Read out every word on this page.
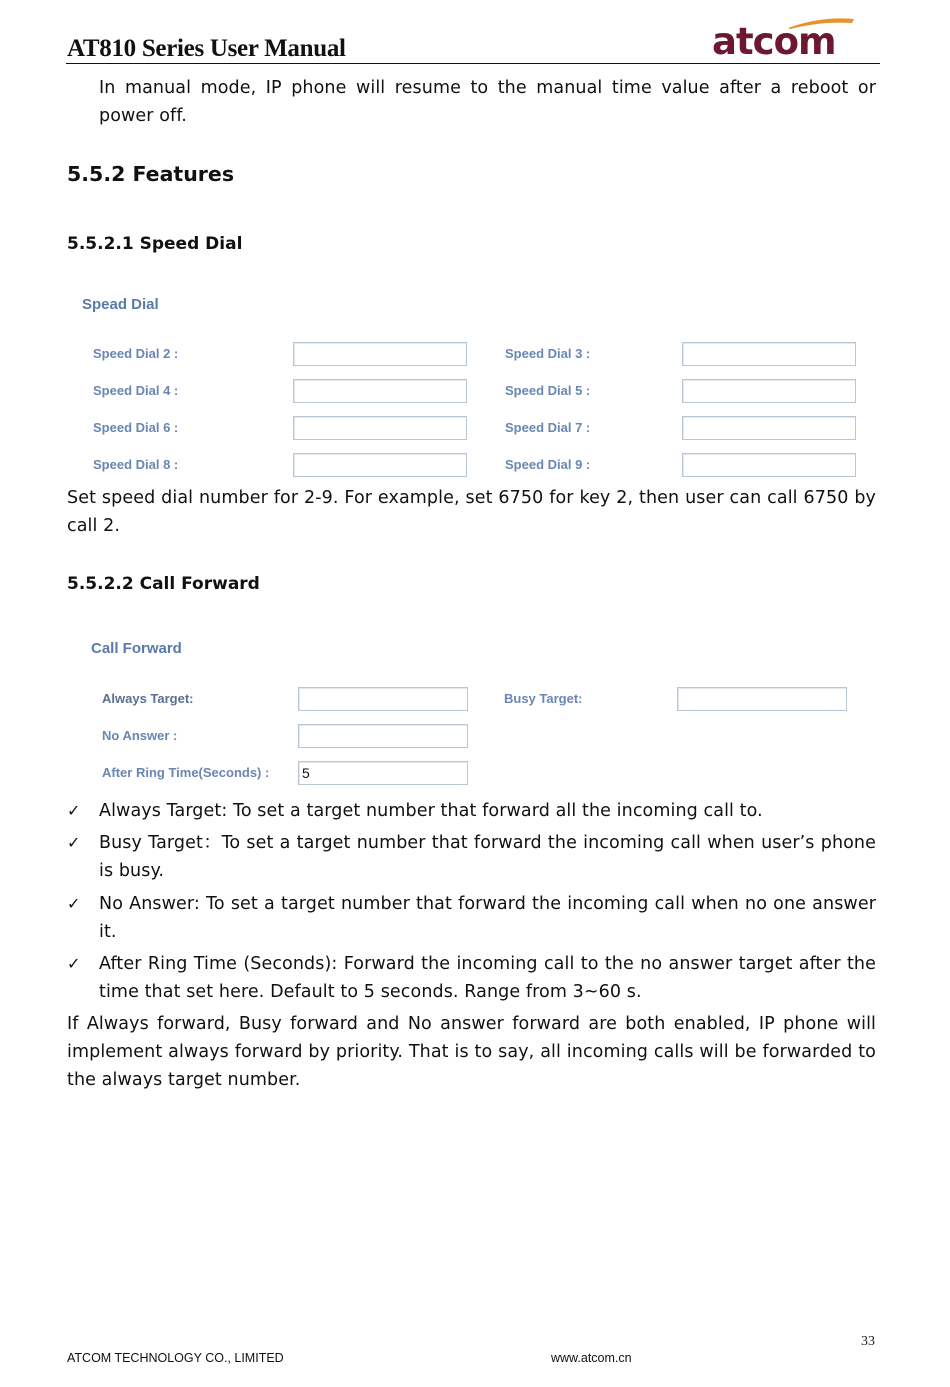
AT810 Series User Manual	atcom
In manual mode, IP phone will resume to the manual time value after a reboot or power off.
5.5.2 Features
5.5.2.1 Speed Dial
Spead Dial
Speed Dial 2 :	Speed Dial 3 :
Speed Dial 4 :	Speed Dial 5 :
Speed Dial 6 :	Speed Dial 7 :
Speed Dial 8 :	Speed Dial 9 :
Set speed dial number for 2-9. For example, set 6750 for key 2, then user can call 6750 by call 2.
5.5.2.2 Call Forward
Call Forward
Always Target:	Busy Target:
No Answer :
After Ring Time(Seconds) :
5
✓ Always Target: To set a target number that forward all the incoming call to.
✓ Busy Target：To set a target number that forward the incoming call when user’s phone is busy.
✓ No Answer: To set a target number that forward the incoming call when no one answer it.
✓ After Ring Time (Seconds): Forward the incoming call to the no answer target after the time that set here. Default to 5 seconds. Range from 3~60 s.
If Always forward, Busy forward and No answer forward are both enabled, IP phone will implement always forward by priority. That is to say, all incoming calls will be forwarded to the always target number.
33
ATCOM TECHNOLOGY CO., LIMITED	www.atcom.cn
